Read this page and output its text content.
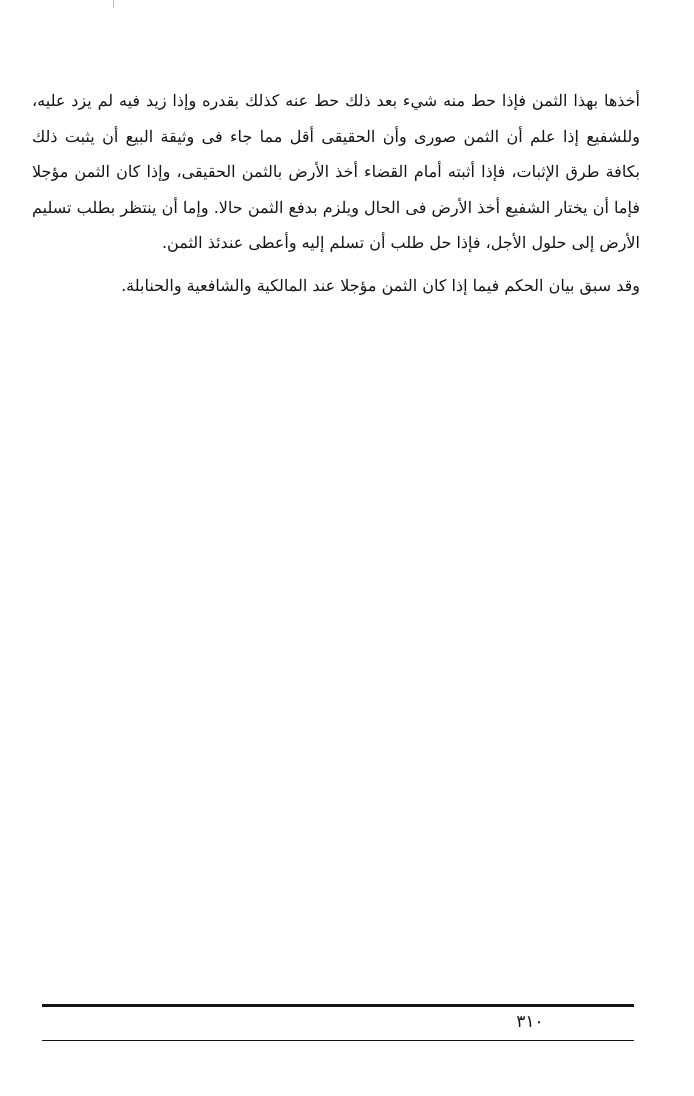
أخذها بهذا الثمن فإذا حط منه شيء بعد ذلك حط عنه كذلك بقدره وإذا زيد فيه لم يزد عليه، وللشفيع إذا علم أن الثمن صورى وأن الحقيقى أقل مما جاء فى وثيقة البيع أن يثبت ذلك بكافة طرق الإثبات، فإذا أثبته أمام القضاء أخذ الأرض بالثمن الحقيقى، وإذا كان الثمن مؤجلا فإما أن يختار الشفيع أخذ الأرض فى الحال ويلزم بدفع الثمن حالا. وإما أن ينتظر بطلب تسليم الأرض إلى حلول الأجل، فإذا حل طلب أن تسلم إليه وأعطى عندئذ الثمن.

وقد سبق بيان الحكم فيما إذا كان الثمن مؤجلا عند المالكية والشافعية والحنابلة.

٣١٠
